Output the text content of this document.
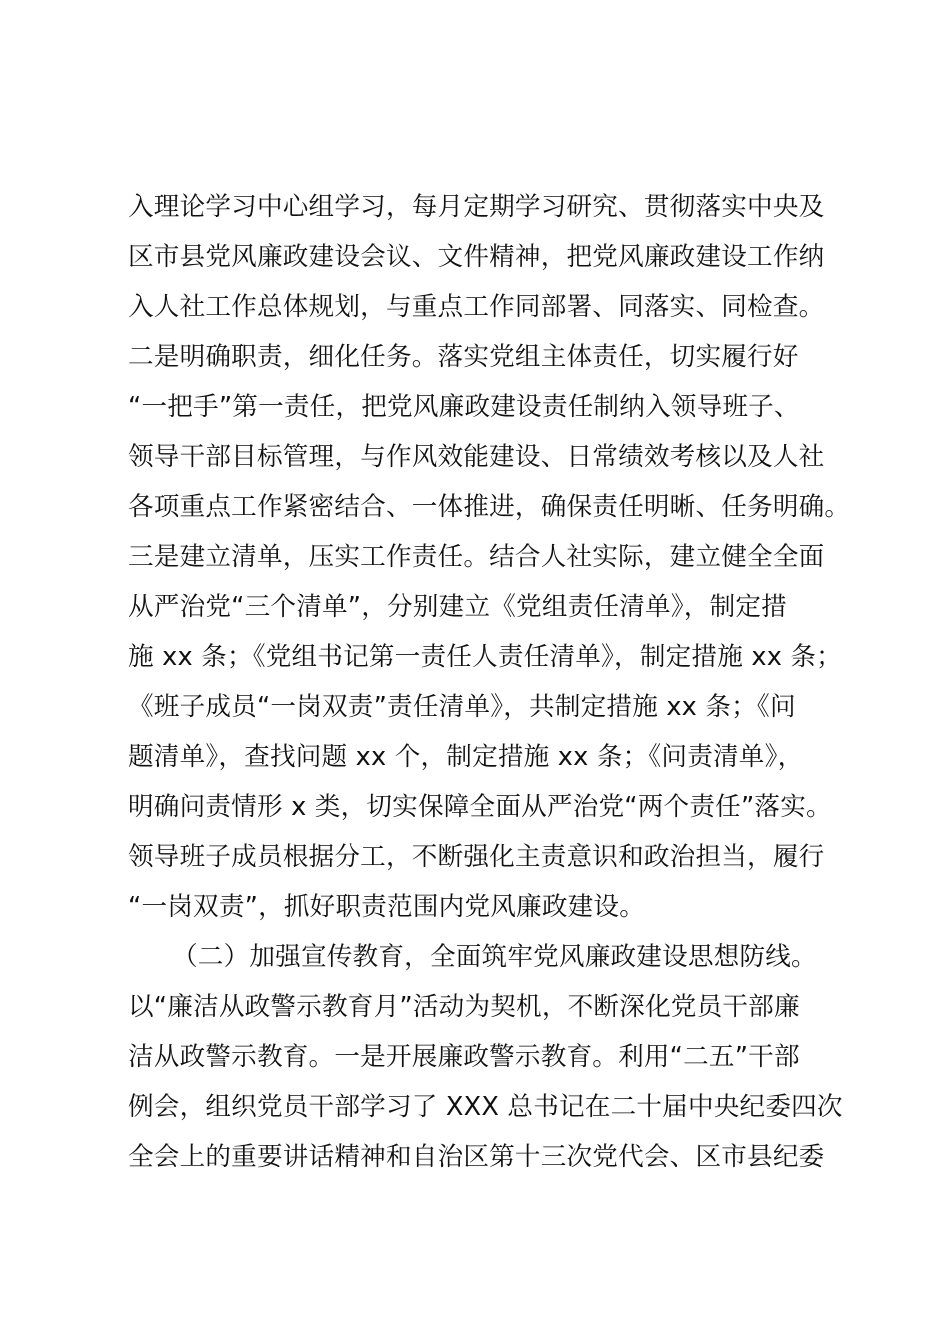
入理论学习中心组学习，每月定期学习研究、贯彻落实中央及
区市县党风廉政建设会议、文件精神，把党风廉政建设工作纳
入人社工作总体规划，与重点工作同部署、同落实、同检查。
二是明确职责，细化任务。落实党组主体责任，切实履行好
“一把手”第一责任，把党风廉政建设责任制纳入领导班子、
领导干部目标管理，与作风效能建设、日常绩效考核以及人社
各项重点工作紧密结合、一体推进，确保责任明晰、任务明确。
三是建立清单，压实工作责任。结合人社实际，建立健全全面
从严治党“三个清单”，分别建立《党组责任清单》，制定措
施 xx 条；《党组书记第一责任人责任清单》，制定措施 xx 条；
《班子成员“一岗双责”责任清单》，共制定措施 xx 条；《问
题清单》，查找问题 xx 个，制定措施 xx 条；《问责清单》，
明确问责情形 x 类，切实保障全面从严治党“两个责任”落实。
领导班子成员根据分工，不断强化主责意识和政治担当，履行
“一岗双责”，抓好职责范围内党风廉政建设。
（二）加强宣传教育，全面筑牢党风廉政建设思想防线。
以“廉洁从政警示教育月”活动为契机，不断深化党员干部廉
洁从政警示教育。一是开展廉政警示教育。利用“二五”干部
例会，组织党员干部学习了 XXX 总书记在二十届中央纪委四次
全会上的重要讲话精神和自治区第十三次党代会、区市县纪委
